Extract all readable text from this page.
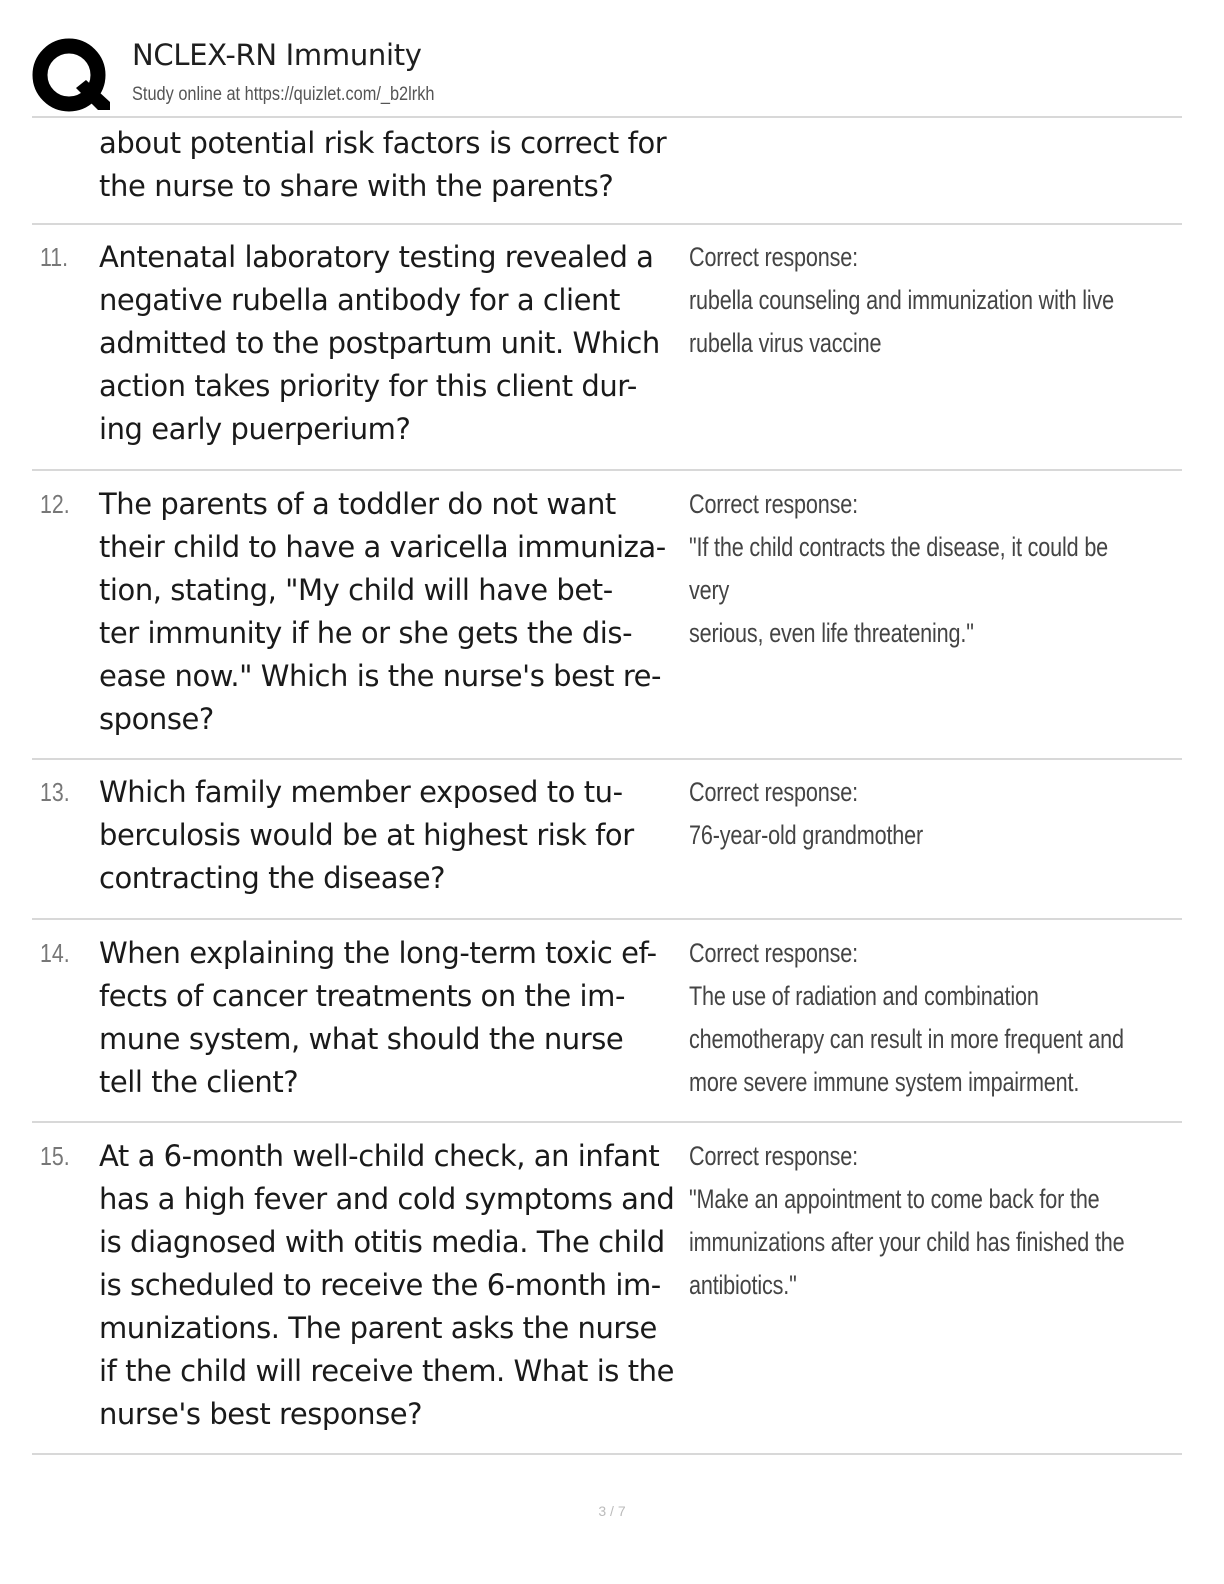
NCLEX-RN Immunity
Study online at https://quizlet.com/_b2lrkh
about potential risk factors is correct for
the nurse to share with the parents?
11. Antenatal laboratory testing revealed a
negative rubella antibody for a client
admitted to the postpartum unit. Which
action takes priority for this client dur-
ing early puerperium?
Correct response:
rubella counseling and immunization with live
rubella virus vaccine
12. The parents of a toddler do not want
their child to have a varicella immuniza-
tion, stating, "My child will have bet-
ter immunity if he or she gets the dis-
ease now." Which is the nurse's best re-
sponse?
Correct response:
"If the child contracts the disease, it could be very
serious, even life threatening."
13. Which family member exposed to tu-
berculosis would be at highest risk for
contracting the disease?
Correct response:
76-year-old grandmother
14. When explaining the long-term toxic ef-
fects of cancer treatments on the im-
mune system, what should the nurse
tell the client?
Correct response:
The use of radiation and combination
chemotherapy can result in more frequent and
more severe immune system impairment.
15. At a 6-month well-child check, an infant
has a high fever and cold symptoms and
is diagnosed with otitis media. The child
is scheduled to receive the 6-month im-
munizations. The parent asks the nurse
if the child will receive them. What is the
nurse's best response?
Correct response:
"Make an appointment to come back for the
immunizations after your child has finished the
antibiotics."
3 / 7
